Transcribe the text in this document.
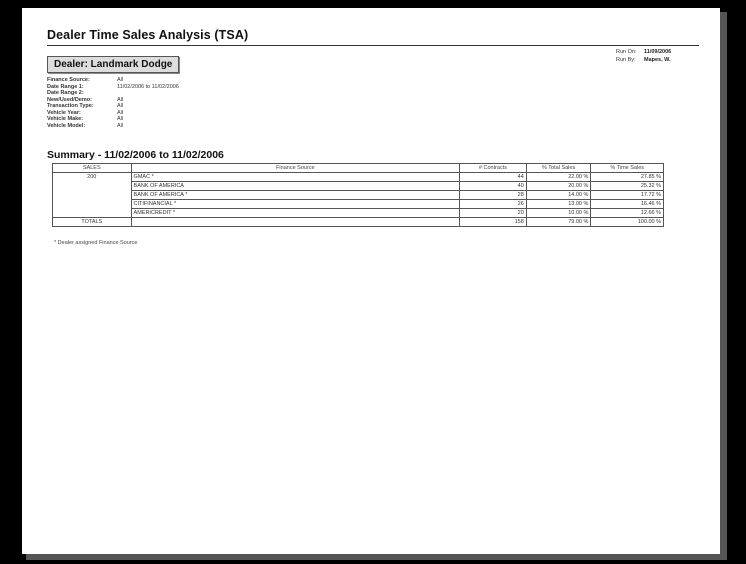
Dealer Time Sales Analysis (TSA)
Run On: 11/09/2006
Run By: Mapes, W.
Dealer: Landmark Dodge
Finance Source:	All
Date Range 1:	11/02/2006 to 11/02/2006
Date Range 2:
New/Used/Demo:	All
Transaction Type:	All
Vehicle Year:	All
Vehicle Make:	All
Vehicle Model:	All
Summary - 11/02/2006 to 11/02/2006
SALES	Finance Source	# Contracts	% Total Sales	% Time Sales
200	GMAC *	44	22.00 %	27.85 %
	BANK OF AMERICA	40	20.00 %	25.32 %
	BANK OF AMERICA *	28	14.00 %	17.72 %
	CITIFINANCIAL *	26	13.00 %	16.46 %
	AMERICREDIT *	20	10.00 %	12.66 %
TOTALS		158	79.00 %	100.00 %
* Dealer assigned Finance Source
